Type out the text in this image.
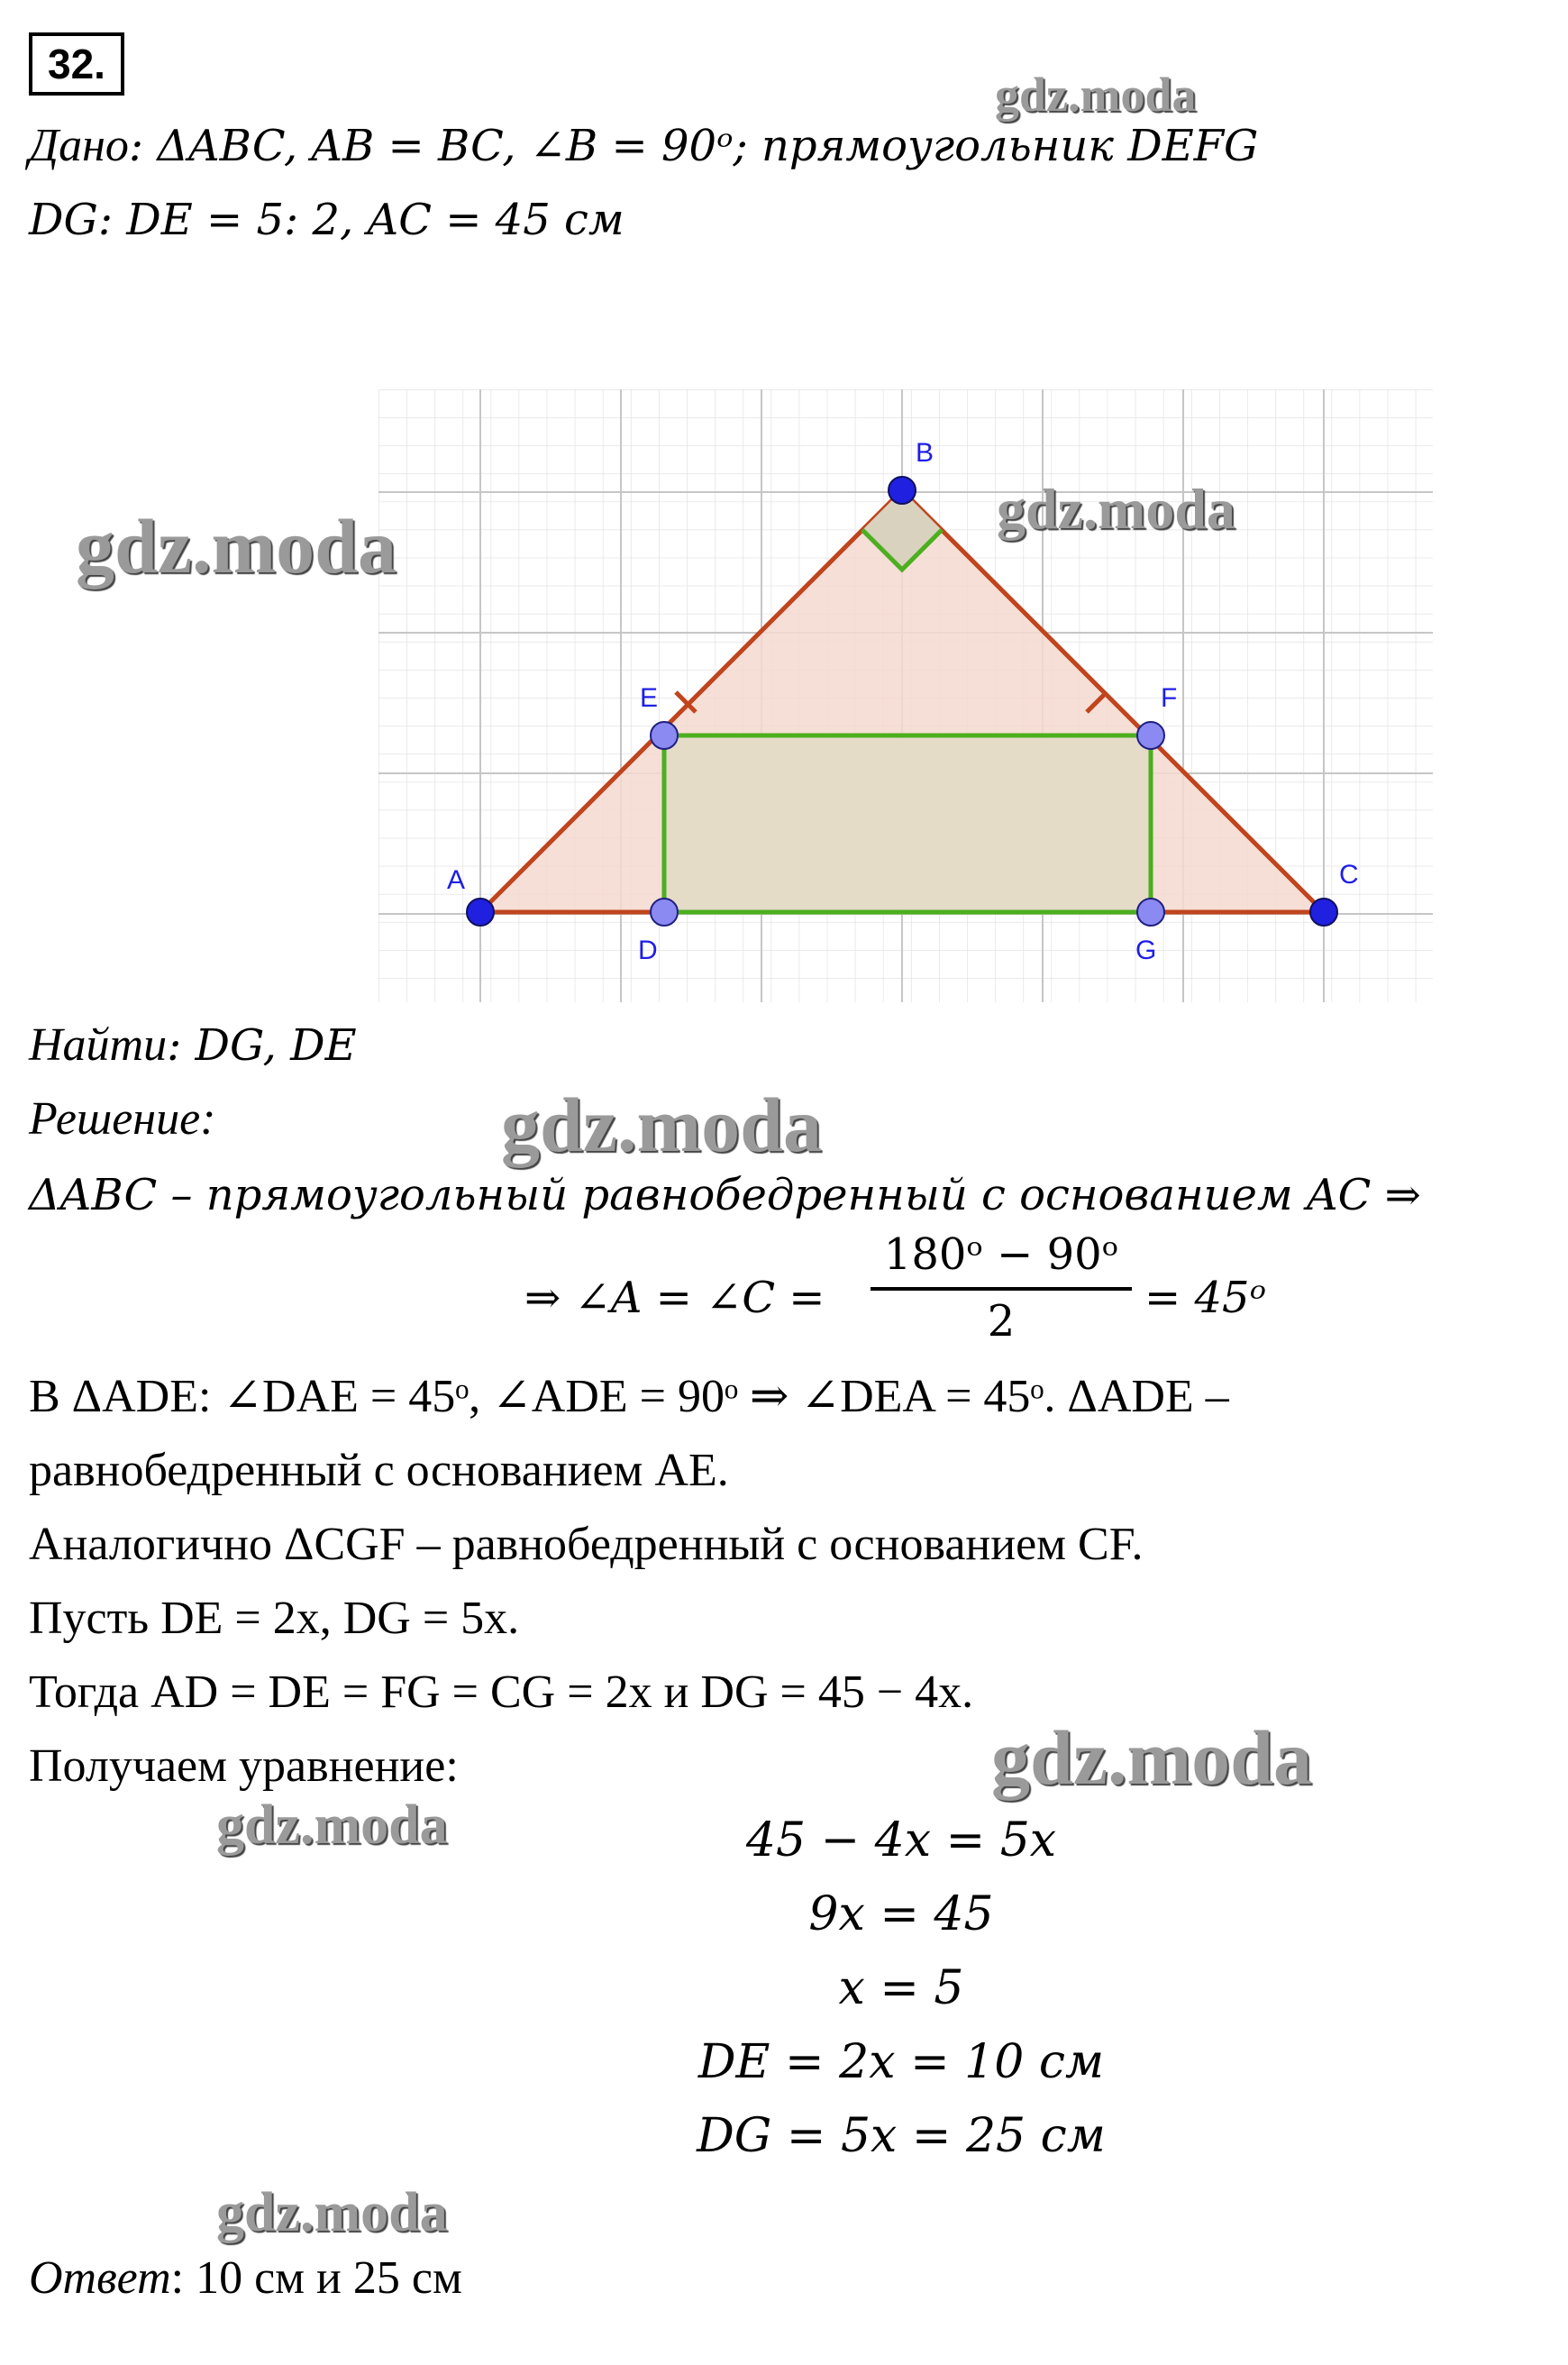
32.
Дано: ΔABC, AB = BC, ∠B = 90ᵒ; прямоугольник DEFG
DG: DE = 5: 2, AC = 45 см
A
B
C
D
E	F
G
Найти: DG, DE
Решение:
ΔABC – прямоугольный равнобедренный с основанием AC ⇒
⇒ ∠A = ∠C =
180ᵒ − 90ᵒ
2	= 45ᵒ
В ΔADE: ∠DAE = 45ᵒ, ∠ADE = 90ᵒ ⇒ ∠DEA = 45ᵒ. ΔADE –
равнобедренный с основанием AE.
Аналогично ΔCGF – равнобедренный с основанием CF.
Пусть DE = 2x, DG = 5x.
Тогда AD = DE = FG = CG = 2x и DG = 45 − 4x.
Получаем уравнение:
45 − 4x = 5x
9x = 45
x = 5
DE = 2x = 10 см
DG = 5x = 25 см
Ответ: 10 см и 25 см
gdz.moda
gdz.moda	gdz.moda
gdz.moda
gdz.moda
gdz.moda
gdz.moda
